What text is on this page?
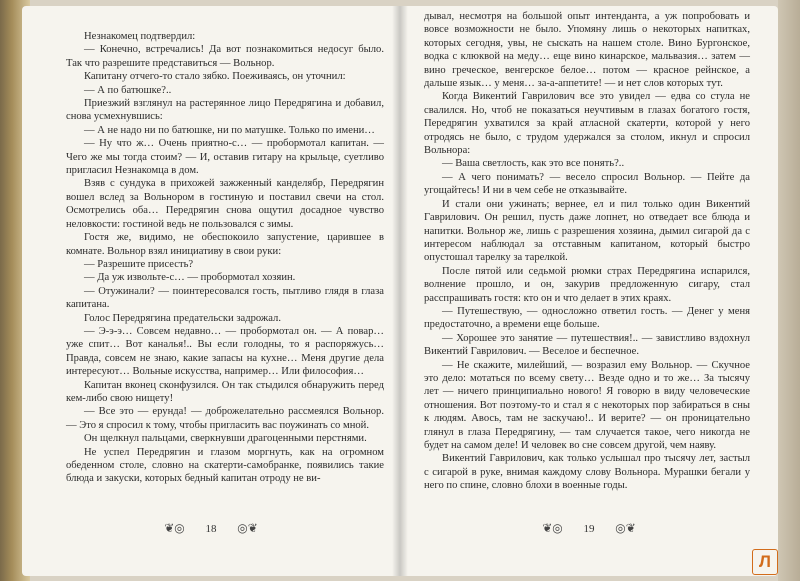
Незнакомец подтвердил:

— Конечно, встречались! Да вот познакомиться недосуг было. Так что разрешите представиться — Вольнор.

Капитану отчего-то стало зябко. Поеживаясь, он уточнил:

— А по батюшке?..

Приезжий взглянул на растерянное лицо Передрягина и добавил, снова усмехнувшись:

— А не надо ни по батюшке, ни по матушке. Только по имени…

— Ну что ж… Очень приятно-с… — пробормотал капитан. — Чего же мы тогда стоим? — И, оставив гитару на крыльце, суетливо пригласил Незнакомца в дом.

Взяв с сундука в прихожей зажженный канделябр, Передрягин вошел вслед за Вольнором в гостиную и поставил свечи на стол. Осмотрелись оба… Передрягин снова ощутил досадное чувство неловкости: гостиной ведь не пользовался с зимы.

Гостя же, видимо, не обеспокоило запустение, царившее в комнате. Вольнор взял инициативу в свои руки:

— Разрешите присесть?

— Да уж извольте-с… — пробормотал хозяин.

— Отужинали? — поинтересовался гость, пытливо глядя в глаза капитана.

Голос Передрягина предательски задрожал.

— Э-э-э… Совсем недавно… — пробормотал он. — А повар… уже спит… Вот каналья!.. Вы если голодны, то я распоряжусь… Правда, совсем не знаю, какие запасы на кухне… Меня другие дела интересуют… Вольные искусства, например… Или философия…

Капитан вконец сконфузился. Он так стыдился обнаружить перед кем-либо свою нищету!

— Все это — ерунда! — доброжелательно рассмеялся Вольнор. — Это я спросил к тому, чтобы пригласить вас поужинать со мной.

Он щелкнул пальцами, сверкнувши драгоценными перстнями.

Не успел Передрягин и глазом моргнуть, как на огромном обеденном столе, словно на скатерти-самобранке, появились такие блюда и закуски, которых бедный капитан отроду не ви-

❦◎ 18 ◎❦

дывал, несмотря на большой опыт интенданта, а уж попробовать и вовсе возможности не было. Упомяну лишь о некоторых напитках, которых сегодня, увы, не сыскать на нашем столе. Вино Бургонское, водка с клюквой на меду… еще вино кинарское, мальвазия… затем — вино греческое, венгерское белое… потом — красное рейнское, а дальше язык… у меня… за-а-аппетите! — и нет слов которых тут.

Когда Викентий Гаврилович все это увидел — едва со стула не свалился. Но, чтоб не показаться неучтивым в глазах богатого гостя, Передрягин ухватился за край атласной скатерти, которой у него отродясь не было, с трудом удержался за столом, икнул и спросил Вольнора:

— Ваша светлость, как это все понять?..

— А чего понимать? — весело спросил Вольнор. — Пейте да угощайтесь! И ни в чем себе не отказывайте.

И стали они ужинать; вернее, ел и пил только один Викентий Гаврилович. Он решил, пусть даже лопнет, но отведает все блюда и напитки. Вольнор же, лишь с разрешения хозяина, дымил сигарой да с интересом наблюдал за отставным капитаном, который быстро опустошал тарелку за тарелкой.

После пятой или седьмой рюмки страх Передрягина испарился, волнение прошло, и он, закурив предложенную сигару, стал расспрашивать гостя: кто он и что делает в этих краях.

— Путешествую, — односложно ответил гость. — Денег у меня предостаточно, а времени еще больше.

— Хорошее это занятие — путешествия!.. — завистливо вздохнул Викентий Гаврилович. — Веселое и беспечное.

— Не скажите, милейший, — возразил ему Вольнор. — Скучное это дело: мотаться по всему свету… Везде одно и то же… За тысячу лет — ничего принципиально нового! Я говорю в виду человеческие отношения. Вот поэтому-то и стал я с некоторых пор забираться в сны к людям. Авось, там не заскучаю!.. И верите? — он проницательно глянул в глаза Передрягину, — там случается такое, чего никогда не будет на самом деле! И человек во сне совсем другой, чем наяву.

Викентий Гаврилович, как только услышал про тысячу лет, застыл с сигарой в руке, внимая каждому слову Вольнора. Мурашки бегали у него по спине, словно блохи в военные годы.

❦◎ 19 ◎❦
Л
